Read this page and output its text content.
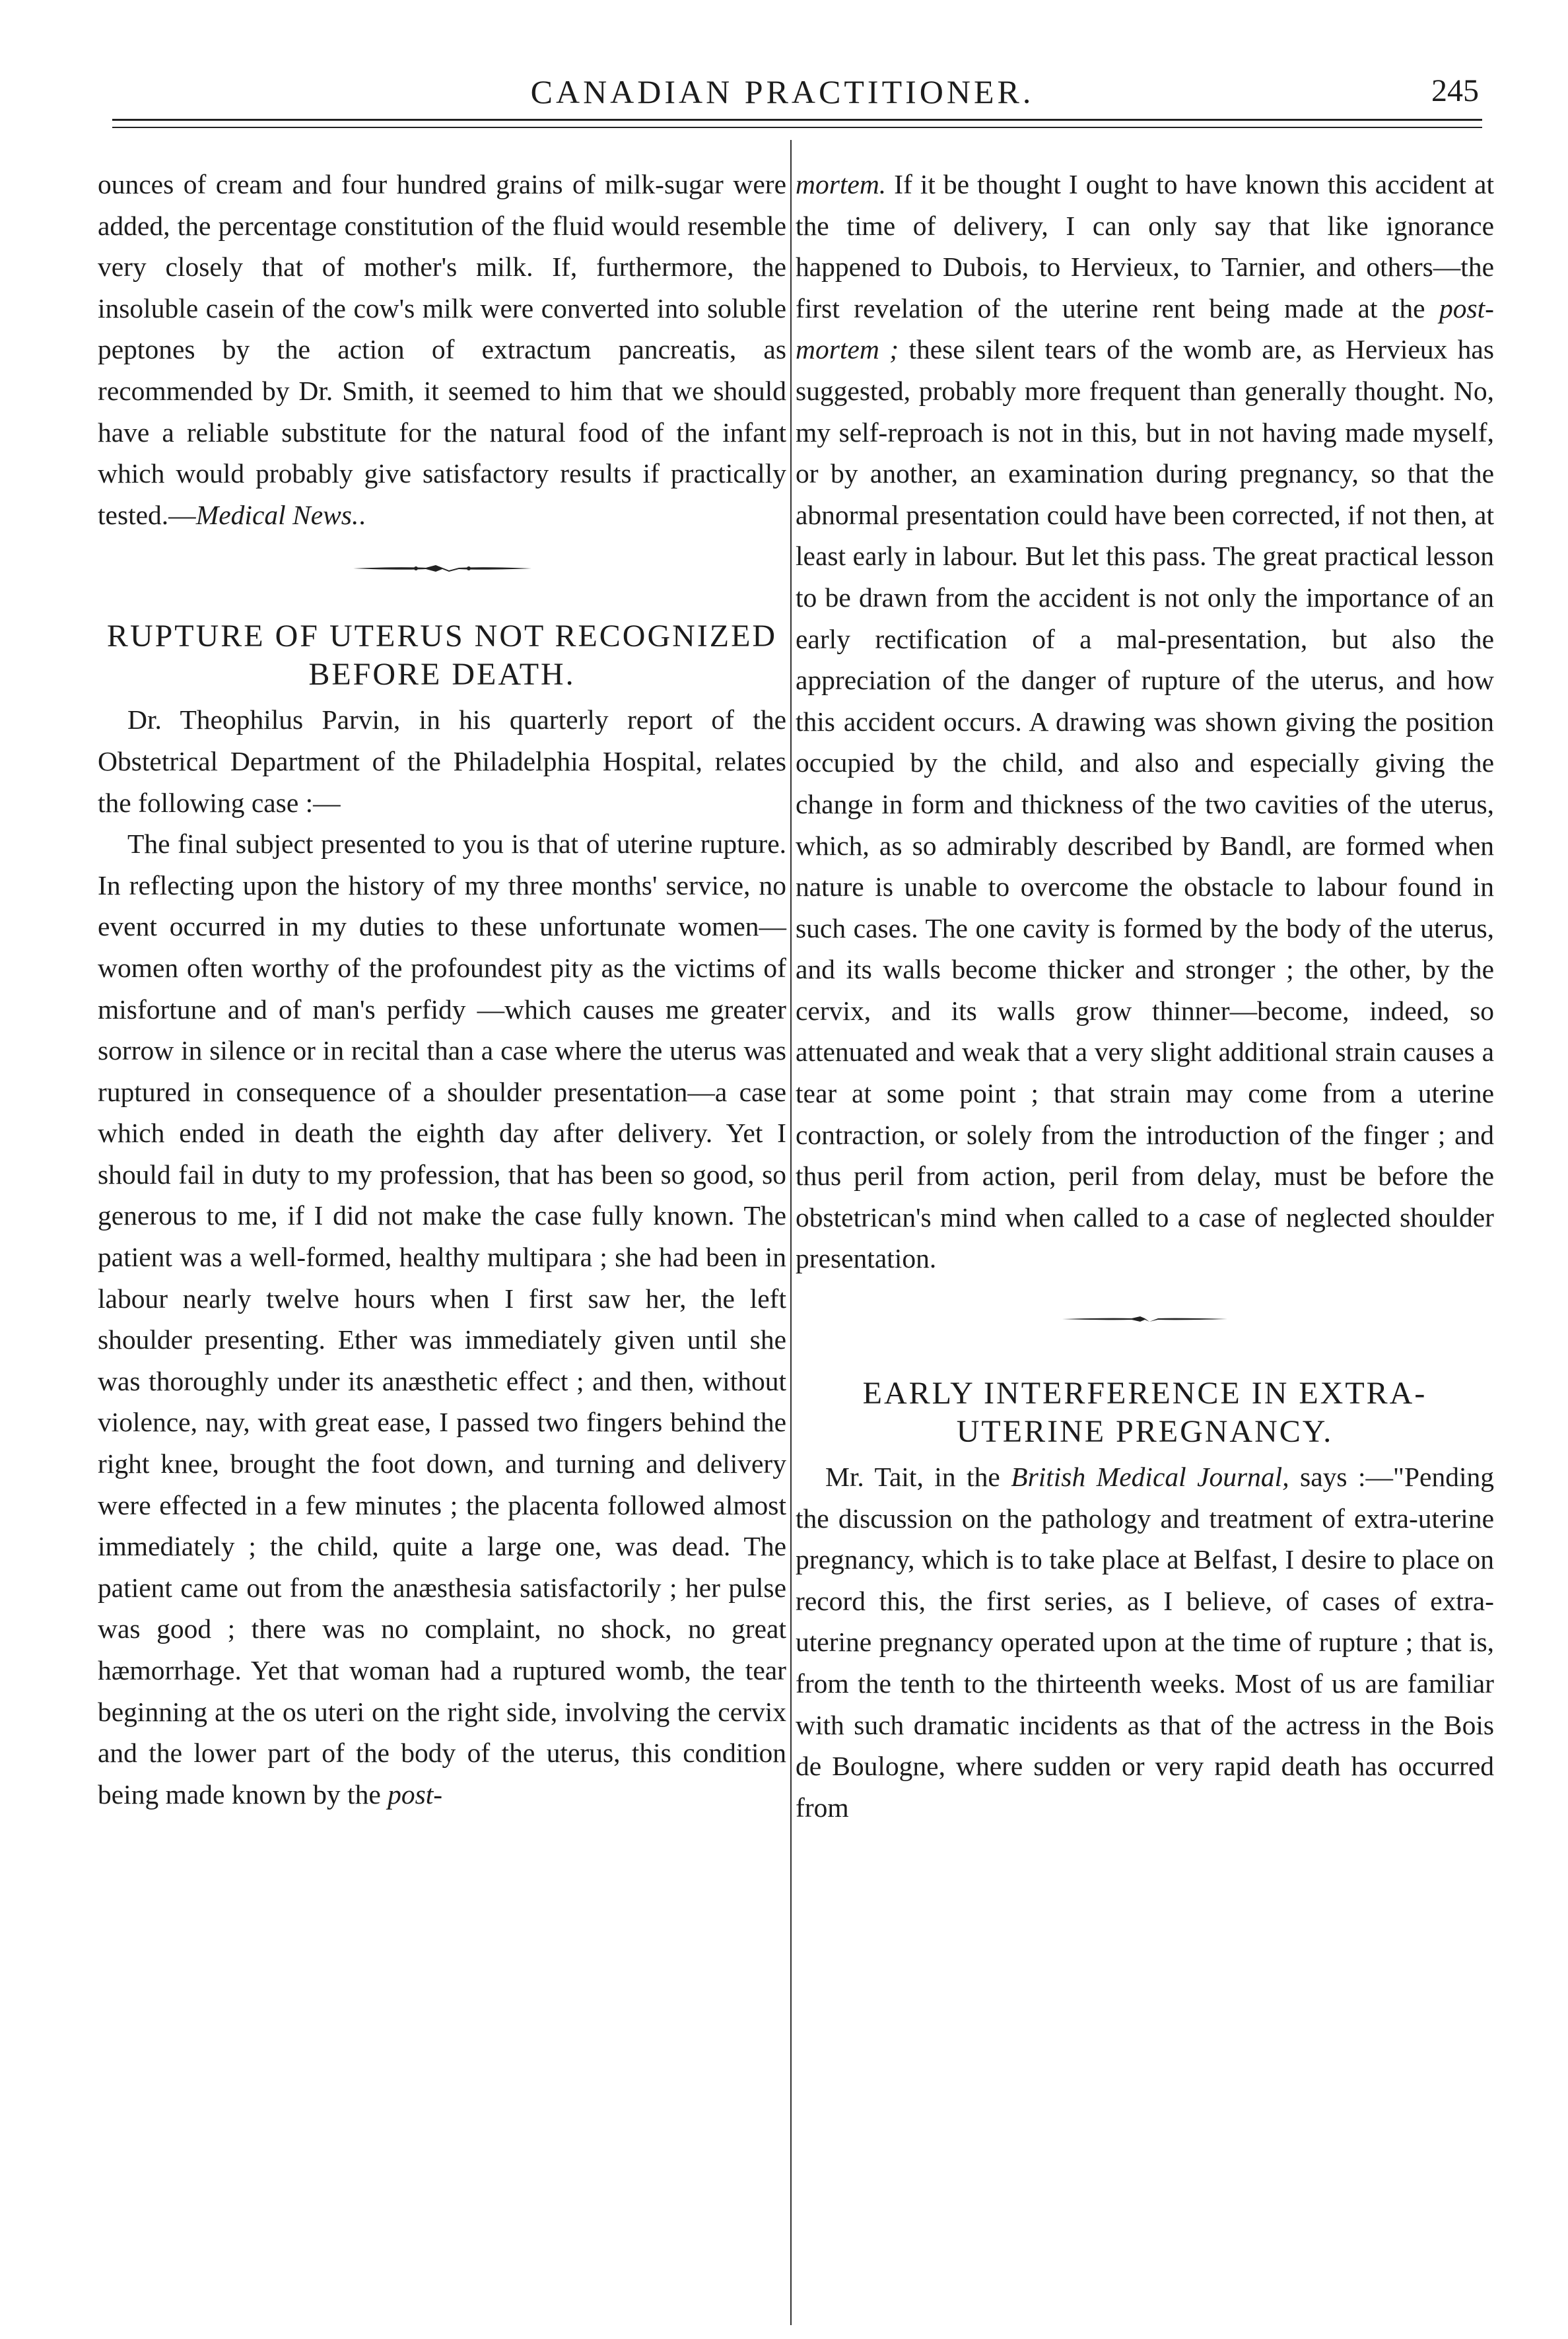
CANADIAN PRACTITIONER.	245

ounces of cream and four hundred grains of milk-sugar were added, the percentage constitution of the fluid would resemble very closely that of mother's milk. If, furthermore, the insoluble casein of the cow's milk were converted into soluble peptones by the action of extractum pancreatis, as recommended by Dr. Smith, it seemed to him that we should have a reliable substitute for the natural food of the infant which would probably give satisfactory results if practically tested.—Medical News..

RUPTURE OF UTERUS NOT RECOGNIZED BEFORE DEATH.

Dr. Theophilus Parvin, in his quarterly report of the Obstetrical Department of the Philadelphia Hospital, relates the following case :—

The final subject presented to you is that of uterine rupture. In reflecting upon the history of my three months' service, no event occurred in my duties to these unfortunate women—women often worthy of the profoundest pity as the victims of misfortune and of man's perfidy —which causes me greater sorrow in silence or in recital than a case where the uterus was ruptured in consequence of a shoulder presentation—a case which ended in death the eighth day after delivery. Yet I should fail in duty to my profession, that has been so good, so generous to me, if I did not make the case fully known. The patient was a well-formed, healthy multipara ; she had been in labour nearly twelve hours when I first saw her, the left shoulder presenting. Ether was immediately given until she was thoroughly under its anæsthetic effect ; and then, without violence, nay, with great ease, I passed two fingers behind the right knee, brought the foot down, and turning and delivery were effected in a few minutes ; the placenta followed almost immediately ; the child, quite a large one, was dead. The patient came out from the anæsthesia satisfactorily ; her pulse was good ; there was no complaint, no shock, no great hæmorrhage. Yet that woman had a ruptured womb, the tear beginning at the os uteri on the right side, involving the cervix and the lower part of the body of the uterus, this condition being made known by the post-

mortem. If it be thought I ought to have known this accident at the time of delivery, I can only say that like ignorance happened to Dubois, to Hervieux, to Tarnier, and others—the first revelation of the uterine rent being made at the post-mortem ; these silent tears of the womb are, as Hervieux has suggested, probably more frequent than generally thought. No, my self-reproach is not in this, but in not having made myself, or by another, an examination during pregnancy, so that the abnormal presentation could have been corrected, if not then, at least early in labour. But let this pass. The great practical lesson to be drawn from the accident is not only the importance of an early rectification of a mal-presentation, but also the appreciation of the danger of rupture of the uterus, and how this accident occurs. A drawing was shown giving the position occupied by the child, and also and especially giving the change in form and thickness of the two cavities of the uterus, which, as so admirably described by Bandl, are formed when nature is unable to overcome the obstacle to labour found in such cases. The one cavity is formed by the body of the uterus, and its walls become thicker and stronger ; the other, by the cervix, and its walls grow thinner—become, indeed, so attenuated and weak that a very slight additional strain causes a tear at some point ; that strain may come from a uterine contraction, or solely from the introduction of the finger ; and thus peril from action, peril from delay, must be before the obstetrican's mind when called to a case of neglected shoulder presentation.

EARLY INTERFERENCE IN EXTRA-UTERINE PREGNANCY.

Mr. Tait, in the British Medical Journal, says :—"Pending the discussion on the pathology and treatment of extra-uterine pregnancy, which is to take place at Belfast, I desire to place on record this, the first series, as I believe, of cases of extra-uterine pregnancy operated upon at the time of rupture ; that is, from the tenth to the thirteenth weeks. Most of us are familiar with such dramatic incidents as that of the actress in the Bois de Boulogne, where sudden or very rapid death has occurred from
